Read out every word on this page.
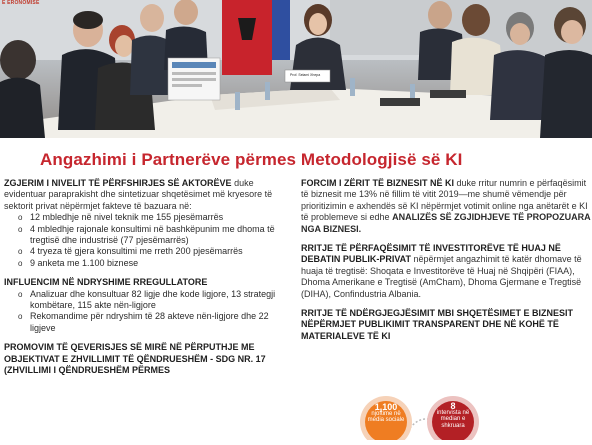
E ERONOMISE
Prof. Selami Xhepa
Angazhimi i Partnerëve përmes Metodologjisë së KI
ZGJERIM I NIVELIT TË PËRFSHIRJES SË AKTORËVE duke evidentuar paraprakisht dhe sintetizuar shqetësimet më kryesore të sektorit privat nëpërmjet fakteve të bazuara në:
o 12 mbledhje në nivel teknik me 155 pjesëmarrës
o 4 mbledhje rajonale konsultimi në bashkëpunim me dhoma të tregtisë dhe industrisë (77 pjesëmarrës)
o 4 tryeza të gjera konsultimi me rreth 200 pjesëmarrës
o 9 anketa me 1.100 biznese
INFLUENCIM NË NDRYSHIME RREGULLATORE
o Analizuar dhe konsultuar 82 ligje dhe kode ligjore, 13 strategji kombëtare, 115 akte nën-ligjore
o Rekomandime për ndryshim të 28 akteve nën-ligjore dhe 22 ligjeve
PROMOVIM TË QEVERISJES SË MIRË NË PËRPUTHJE ME OBJEKTIVAT E ZHVILLIMIT TË QËNDRUESHËM - SDG NR. 17 (ZHVILLIMI I QËNDRUESHËM PËRMES
FORCIM I ZËRIT TË BIZNESIT NË KI duke rritur numrin e përfaqësimit të biznesit me 13% në fillim të vitit 2019—me shumë vëmendje për prioritizimin e axhendës së KI nëpërmjet votimit online nga anëtarët e KI të problemeve si edhe ANALIZËS SË ZGJIDHJEVE TË PROPOZUARA NGA BIZNESI.
RRITJE TË PËRFAQËSIMIT TË INVESTITORËVE TË HUAJ NË DEBATIN PUBLIK-PRIVAT nëpërmjet angazhimit të katër dhomave të huaja të tregtisë: Shoqata e Investitorëve të Huaj në Shqipëri (FIAA), Dhoma Amerikane e Tregtisë (AmCham), Dhoma Gjermane e Tregtisë (DIHA), Confindustria Albania.
RRITJE TË NDËRGJEGJËSIMIT MBI SHQETËSIMET E BIZNESIT NËPËRMJET PUBLIKIMIT TRANSPARENT DHE NË KOHË TË MATERIALEVE TË KI
1,100
njoftime në media sociale
8
intervista në median e shkruara
